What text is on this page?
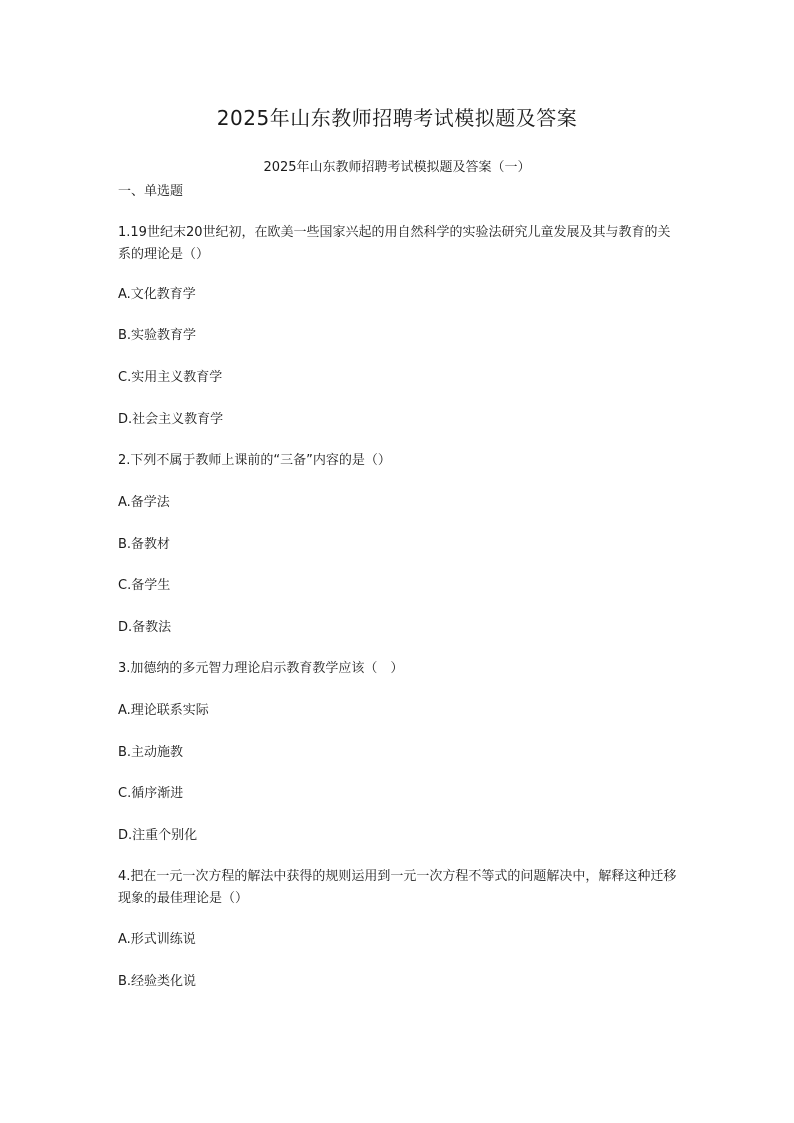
2025年山东教师招聘考试模拟题及答案
2025年山东教师招聘考试模拟题及答案（一）
一、单选题
1.19世纪末20世纪初，在欧美一些国家兴起的用自然科学的实验法研究儿童发展及其与教育的关系的理论是（）
A.文化教育学
B.实验教育学
C.实用主义教育学
D.社会主义教育学
2.下列不属于教师上课前的“三备”内容的是（）
A.备学法
B.备教材
C.备学生
D.备教法
3.加德纳的多元智力理论启示教育教学应该（　）
A.理论联系实际
B.主动施教
C.循序渐进
D.注重个别化
4.把在一元一次方程的解法中获得的规则运用到一元一次方程不等式的问题解决中，解释这种迁移现象的最佳理论是（）
A.形式训练说
B.经验类化说
